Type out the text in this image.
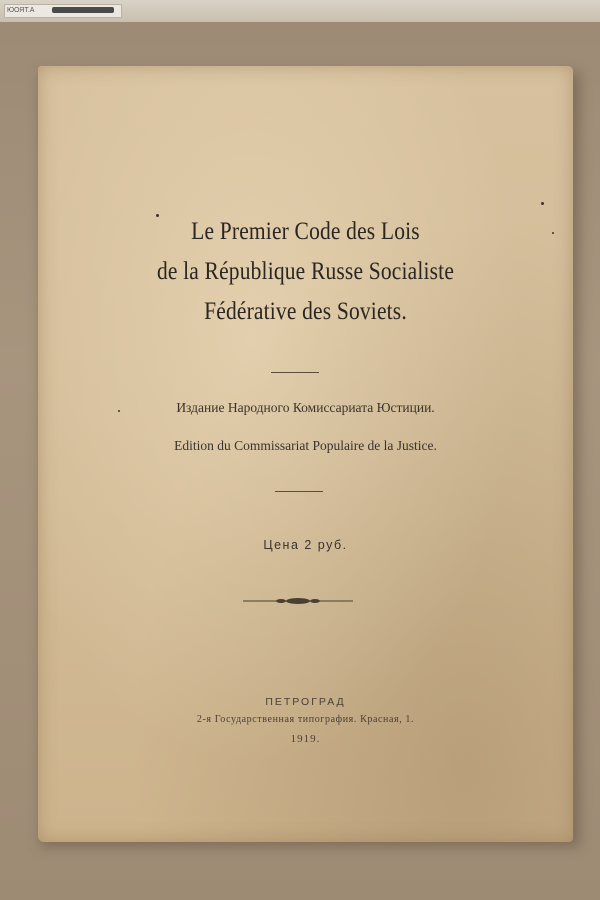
ЮОЯТ.А
Le Premier Code des Lois
de la République Russe Socialiste
Fédérative des Soviets.
Издание Народного Комиссариата Юстиции.
Edition du Commissariat Populaire de la Justice.
Цена 2 руб.
ПЕТРОГРАД
2-я Государственная типография. Красная, 1.
1919.
